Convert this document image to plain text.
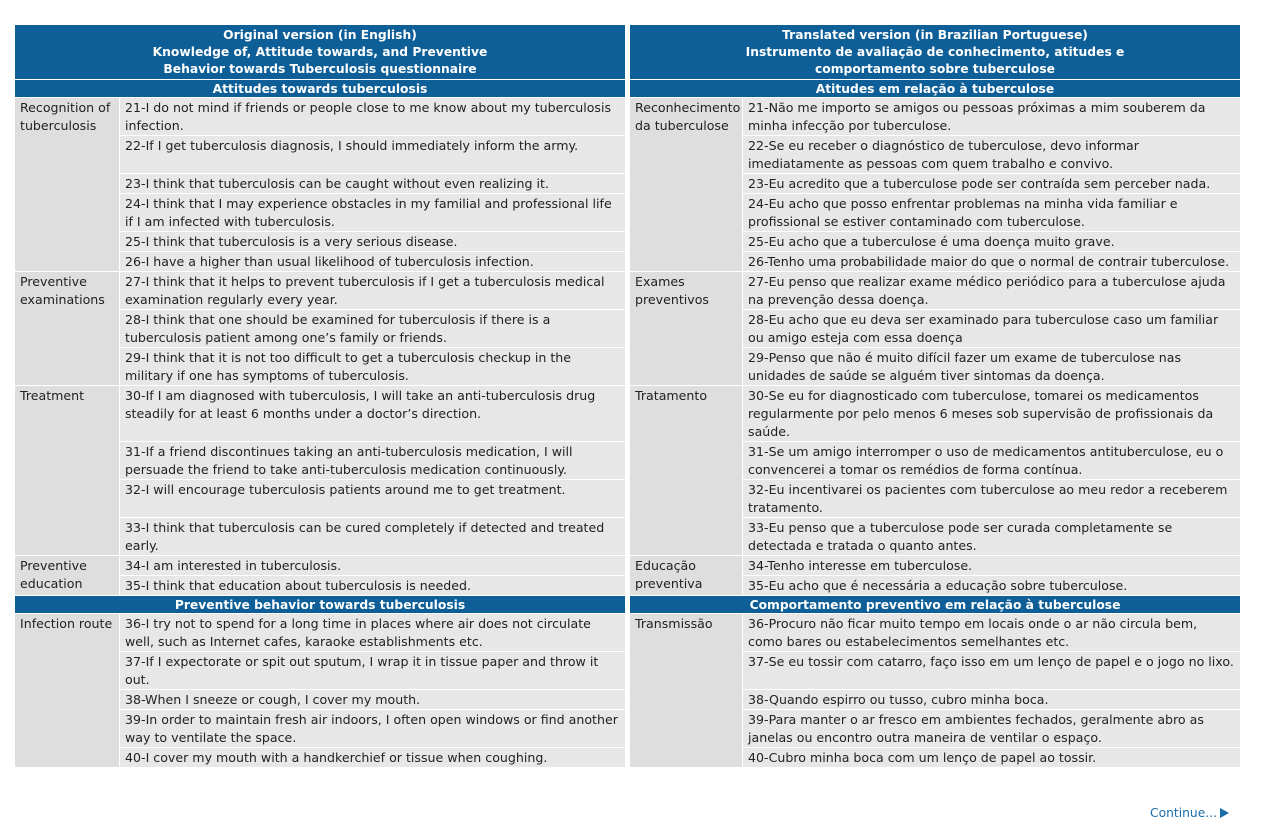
Original version (in English)
Knowledge of, Attitude towards, and Preventive
Behavior towards Tuberculosis questionnaire			Translated version (in Brazilian Portuguese)
Instrumento de avaliação de conhecimento, atitudes e
comportamento sobre tuberculose	

Attitudes towards tuberculosis			Atitudes em relação à tuberculose	
Recognition of tuberculosis	21-I do not mind if friends or people close to me know about my tuberculosis infection.		Reconhecimento da tuberculose	21-Não me importo se amigos ou pessoas próximas a mim souberem da minha infecção por tuberculose.
	22-If I get tuberculosis diagnosis, I should immediately inform the army.			22-Se eu receber o diagnóstico de tuberculose, devo informar imediatamente as pessoas com quem trabalho e convivo.
	23-I think that tuberculosis can be caught without even realizing it.			23-Eu acredito que a tuberculose pode ser contraída sem perceber nada.
	24-I think that I may experience obstacles in my familial and professional life if I am infected with tuberculosis.			24-Eu acho que posso enfrentar problemas na minha vida familiar e profissional se estiver contaminado com tuberculose.
	25-I think that tuberculosis is a very serious disease.			25-Eu acho que a tuberculose é uma doença muito grave.
	26-I have a higher than usual likelihood of tuberculosis infection.			26-Tenho uma probabilidade maior do que o normal de contrair tuberculose.
Preventive examinations	27-I think that it helps to prevent tuberculosis if I get a tuberculosis medical examination regularly every year.		Exames preventivos	27-Eu penso que realizar exame médico periódico para a tuberculose ajuda na prevenção dessa doença.
	28-I think that one should be examined for tuberculosis if there is a tuberculosis patient among one’s family or friends.			28-Eu acho que eu deva ser examinado para tuberculose caso um familiar ou amigo esteja com essa doença
	29-I think that it is not too difficult to get a tuberculosis checkup in the military if one has symptoms of tuberculosis.			29-Penso que não é muito difícil fazer um exame de tuberculose nas unidades de saúde se alguém tiver sintomas da doença.
Treatment	30-If I am diagnosed with tuberculosis, I will take an anti-tuberculosis drug steadily for at least 6 months under a doctor’s direction.		Tratamento	30-Se eu for diagnosticado com tuberculose, tomarei os medicamentos regularmente por pelo menos 6 meses sob supervisão de profissionais da saúde.
	31-If a friend discontinues taking an anti-tuberculosis medication, I will persuade the friend to take anti-tuberculosis medication continuously.			31-Se um amigo interromper o uso de medicamentos antituberculose, eu o convencerei a tomar os remédios de forma contínua.
	32-I will encourage tuberculosis patients around me to get treatment.			32-Eu incentivarei os pacientes com tuberculose ao meu redor a receberem tratamento.
	33-I think that tuberculosis can be cured completely if detected and treated early.			33-Eu penso que a tuberculose pode ser curada completamente se detectada e tratada o quanto antes.
Preventive education	34-I am interested in tuberculosis.		Educação preventiva	34-Tenho interesse em tuberculose.
	35-I think that education about tuberculosis is needed.			35-Eu acho que é necessária a educação sobre tuberculose.
Preventive behavior towards tuberculosis			Comportamento preventivo em relação à tuberculose	
Infection route	36-I try not to spend for a long time in places where air does not circulate well, such as Internet cafes, karaoke establishments etc.		Transmissão	36-Procuro não ficar muito tempo em locais onde o ar não circula bem, como bares ou estabelecimentos semelhantes etc.
	37-If I expectorate or spit out sputum, I wrap it in tissue paper and throw it out.			37-Se eu tossir com catarro, faço isso em um lenço de papel e o jogo no lixo.
	38-When I sneeze or cough, I cover my mouth.			38-Quando espirro ou tusso, cubro minha boca.
	39-In order to maintain fresh air indoors, I often open windows or find another way to ventilate the space.			39-Para manter o ar fresco em ambientes fechados, geralmente abro as janelas ou encontro outra maneira de ventilar o espaço.
	40-I cover my mouth with a handkerchief or tissue when coughing.			40-Cubro minha boca com um lenço de papel ao tossir.
Continue...
